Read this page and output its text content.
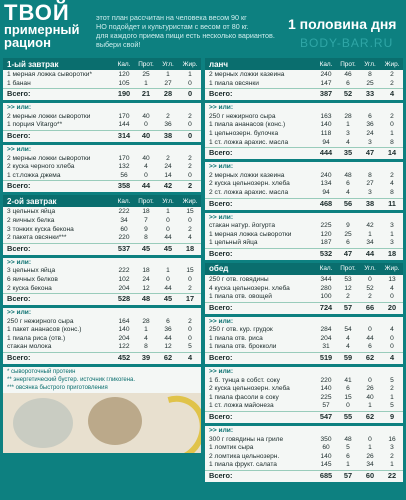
ТВОЙ
примерный
рацион
этот план рассчитан на человека весом 90 кг
НО подойдет и культуристам с весом от 80 кг.
для каждого приема пищи есть несколько вариантов.
выбери свой!
1 половина дня
BODY-BAR.RU
1-ый завтрак	Кал.	Прот.	Угл.	Жир.
1 мерная ложка сыворотки*	120	25	1	1
1 банан	105	1	27	0
Всего:	190	21	28	0
>> или:
2 мерные ложки сыворотки	170	40	2	2
1 порция Vitargo**	144	0	36	0
Всего:	314	40	38	0
>> или:
2 мерные ложки сыворотки	170	40	2	2
2 куска черного хлеба	132	4	24	2
1 ст.ложка джема	56	0	14	0
Всего:	358	44	42	2
2-ой завтрак	Кал.	Прот.	Угл.	Жир.
3 цельных яйца	222	18	1	15
2 яичных белка	34	7	0	0
3 тонких куска бекона	60	9	0	2
2 пакета овсянки***	220	8	44	4
Всего:	537	45	45	18
>> или:
3 цельных яйца	222	18	1	15
6 яичных белков	102	24	0	0
2 куска бекона	204	12	44	2
Всего:	528	48	45	17
>> или:
250 г нежирного сыра	164	28	6	2
1 пакет ананасов (конс.)	140	1	36	0
1 пиала риса (отв.)	204	4	44	0
стакан молока	122	8	12	5
Всего:	452	39	62	4
* сывороточный протеин
** энергетический бустер. источник гликогена.
*** овсянка быстрого приготовления
ланч	Кал.	Прот.	Угл.	Жир.
2 мерных ложки казеина	240	46	8	2
1 пиала овсянки	147	6	25	2
Всего:	387	52	33	4
>> или:
250 г нежирного сыра	163	28	6	2
1 пиала ананасов (конс.)	140	1	36	0
1 цельнозерн. булочка	118	3	24	1
1 ст. ложка арахис. масла	94	4	3	8
Всего:	444	35	47	14
>> или:
2 мерных ложки казеина	240	48	8	2
2 куска цельнозерн. хлеба	134	6	27	4
2 ст. ложка арахис. масла	94	4	3	8
Всего:	468	56	38	11
>> или:
стакан натур. йогурта	225	9	42	3
1 мерная ложка сыворотки	120	25	1	1
1 цельный яйца	187	6	34	3
Всего:	532	47	44	18
обед	Кал.	Прот.	Угл.	Жир.
250 г отв. говядины	344	53	0	13
4 куска цельнозерн. хлеба	280	12	52	4
1 пиала отв. овощей	100	2	2	0
Всего:	724	57	66	20
>> или:
250 г отв. кур. грудок	284	54	0	4
1 пиала отв. риса	204	4	44	0
1 пиала отв. брокколи	31	4	6	0
Всего:	519	59	62	4
>> или:
1 б. тунца в собст. соку	220	41	0	5
2 куска цельнозерн. хлеба	140	6	26	2
1 пиала фасоли в соку	225	15	40	1
1 ст. ложка майонеза	57	0	1	5
Всего:	547	55	62	9
>> или:
300 г говядины на гриле	350	48	0	16
1 ломтик сыра	60	5	1	3
2 ломтика цельнозерн.	140	6	26	2
1 пиала фрукт. салата	145	1	34	1
Всего:	685	57	60	22
